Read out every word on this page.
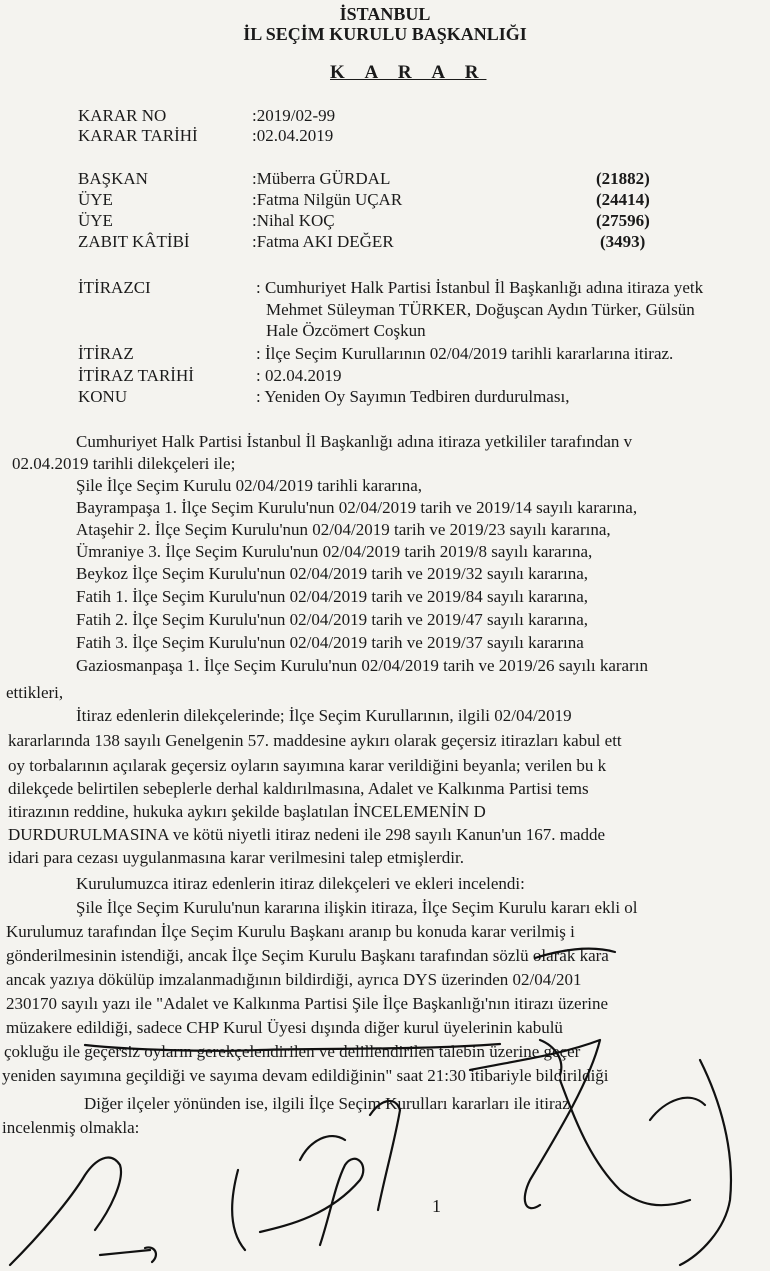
İSTANBUL
İL SEÇİM KURULU BAŞKANLIĞI
K A R A R
KARAR NO	:2019/02-99
KARAR TARİHİ	:02.04.2019
BAŞKAN	:Müberra GÜRDAL	(21882)
ÜYE	:Fatma Nilgün UÇAR	(24414)
ÜYE	:Nihal KOÇ	(27596)
ZABIT KÂTİBİ	:Fatma AKI DEĞER	(3493)
İTİRAZCI	: Cumhuriyet Halk Partisi İstanbul İl Başkanlığı adına itiraza yetk
Mehmet Süleyman TÜRKER, Doğuşcan Aydın Türker, Gülsün
Hale Özcömert Coşkun
İTİRAZ	: İlçe Seçim Kurullarının 02/04/2019 tarihli kararlarına itiraz.
İTİRAZ TARİHİ	: 02.04.2019
KONU	: Yeniden Oy Sayımın Tedbiren durdurulması,
Cumhuriyet Halk Partisi İstanbul İl Başkanlığı adına itiraza yetkililer tarafından v
02.04.2019 tarihli dilekçeleri ile;
Şile İlçe Seçim Kurulu 02/04/2019 tarihli kararına,
Bayrampaşa 1. İlçe Seçim Kurulu'nun 02/04/2019 tarih ve 2019/14 sayılı kararına,
Ataşehir 2. İlçe Seçim Kurulu'nun 02/04/2019 tarih ve 2019/23 sayılı kararına,
Ümraniye 3. İlçe Seçim Kurulu'nun 02/04/2019 tarih 2019/8 sayılı kararına,
Beykoz İlçe Seçim Kurulu'nun 02/04/2019 tarih ve 2019/32 sayılı kararına,
Fatih 1. İlçe Seçim Kurulu'nun 02/04/2019 tarih ve 2019/84 sayılı kararına,
Fatih 2. İlçe Seçim Kurulu'nun 02/04/2019 tarih ve 2019/47 sayılı kararına,
Fatih 3. İlçe Seçim Kurulu'nun 02/04/2019 tarih ve 2019/37 sayılı kararına
Gaziosmanpaşa 1. İlçe Seçim Kurulu'nun 02/04/2019 tarih ve 2019/26 sayılı kararın
ettikleri,
İtiraz edenlerin dilekçelerinde; İlçe Seçim Kurullarının, ilgili 02/04/2019
kararlarında 138 sayılı Genelgenin 57. maddesine aykırı olarak geçersiz itirazları kabul ett
oy torbalarının açılarak geçersiz oyların sayımına karar verildiğini beyanla; verilen bu k
dilekçede belirtilen sebeplerle derhal kaldırılmasına, Adalet ve Kalkınma Partisi tems
itirazının reddine, hukuka aykırı şekilde başlatılan İNCELEMENİN D
DURDURULMASINA ve kötü niyetli itiraz nedeni ile 298 sayılı Kanun'un 167. madde
idari para cezası uygulanmasına karar verilmesini talep etmişlerdir.
Kurulumuzca itiraz edenlerin itiraz dilekçeleri ve ekleri incelendi:
Şile İlçe Seçim Kurulu'nun kararına ilişkin itiraza, İlçe Seçim Kurulu kararı ekli ol
Kurulumuz tarafından İlçe Seçim Kurulu Başkanı aranıp bu konuda karar verilmiş i
gönderilmesinin istendiği, ancak İlçe Seçim Kurulu Başkanı tarafından sözlü olarak kara
ancak yazıya dökülüp imzalanmadığının bildirdiği, ayrıca DYS üzerinden 02/04/201
230170 sayılı yazı ile "Adalet ve Kalkınma Partisi Şile İlçe Başkanlığı'nın itirazı üzerine
müzakere edildiği, sadece CHP Kurul Üyesi dışında diğer kurul üyelerinin kabulü
çokluğu ile geçersiz oyların gerekçelendirilen ve delillendirilen talebin üzerine geçer
yeniden sayımına geçildiği ve sayıma devam edildiğinin" saat 21:30 itibariyle bildirildiği
Diğer ilçeler yönünden ise, ilgili İlçe Seçim Kurulları kararları ile itiraz
incelenmiş olmakla:
1
